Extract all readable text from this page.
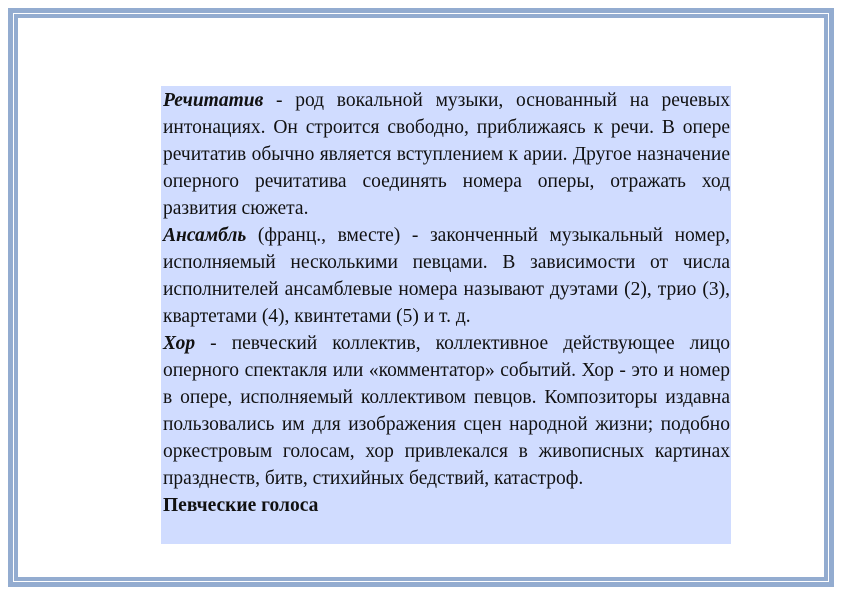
Речитатив - род вокальной музыки, основанный на речевых интонациях. Он строится свободно, приближаясь к речи. В опере речитатив обычно является вступлением к арии. Другое назначение оперного речитатива соединять номера оперы, отражать ход развития сюжета.

Ансамбль (франц., вместе) - законченный музыкальный номер, исполняемый несколькими певцами. В зависимости от числа исполнителей ансамблевые номера называют дуэтами (2), трио (3), квартетами (4), квинтетами (5) и т. д.

Хор - певческий коллектив, коллективное действующее лицо оперного спектакля или «комментатор» событий. Хор - это и номер в опере, исполняемый коллективом певцов. Композиторы издавна пользовались им для изображения сцен народной жизни; подобно оркестровым голосам, хор привлекался в живописных картинах празднеств, битв, стихийных бедствий, катастроф.

Певческие голоса
